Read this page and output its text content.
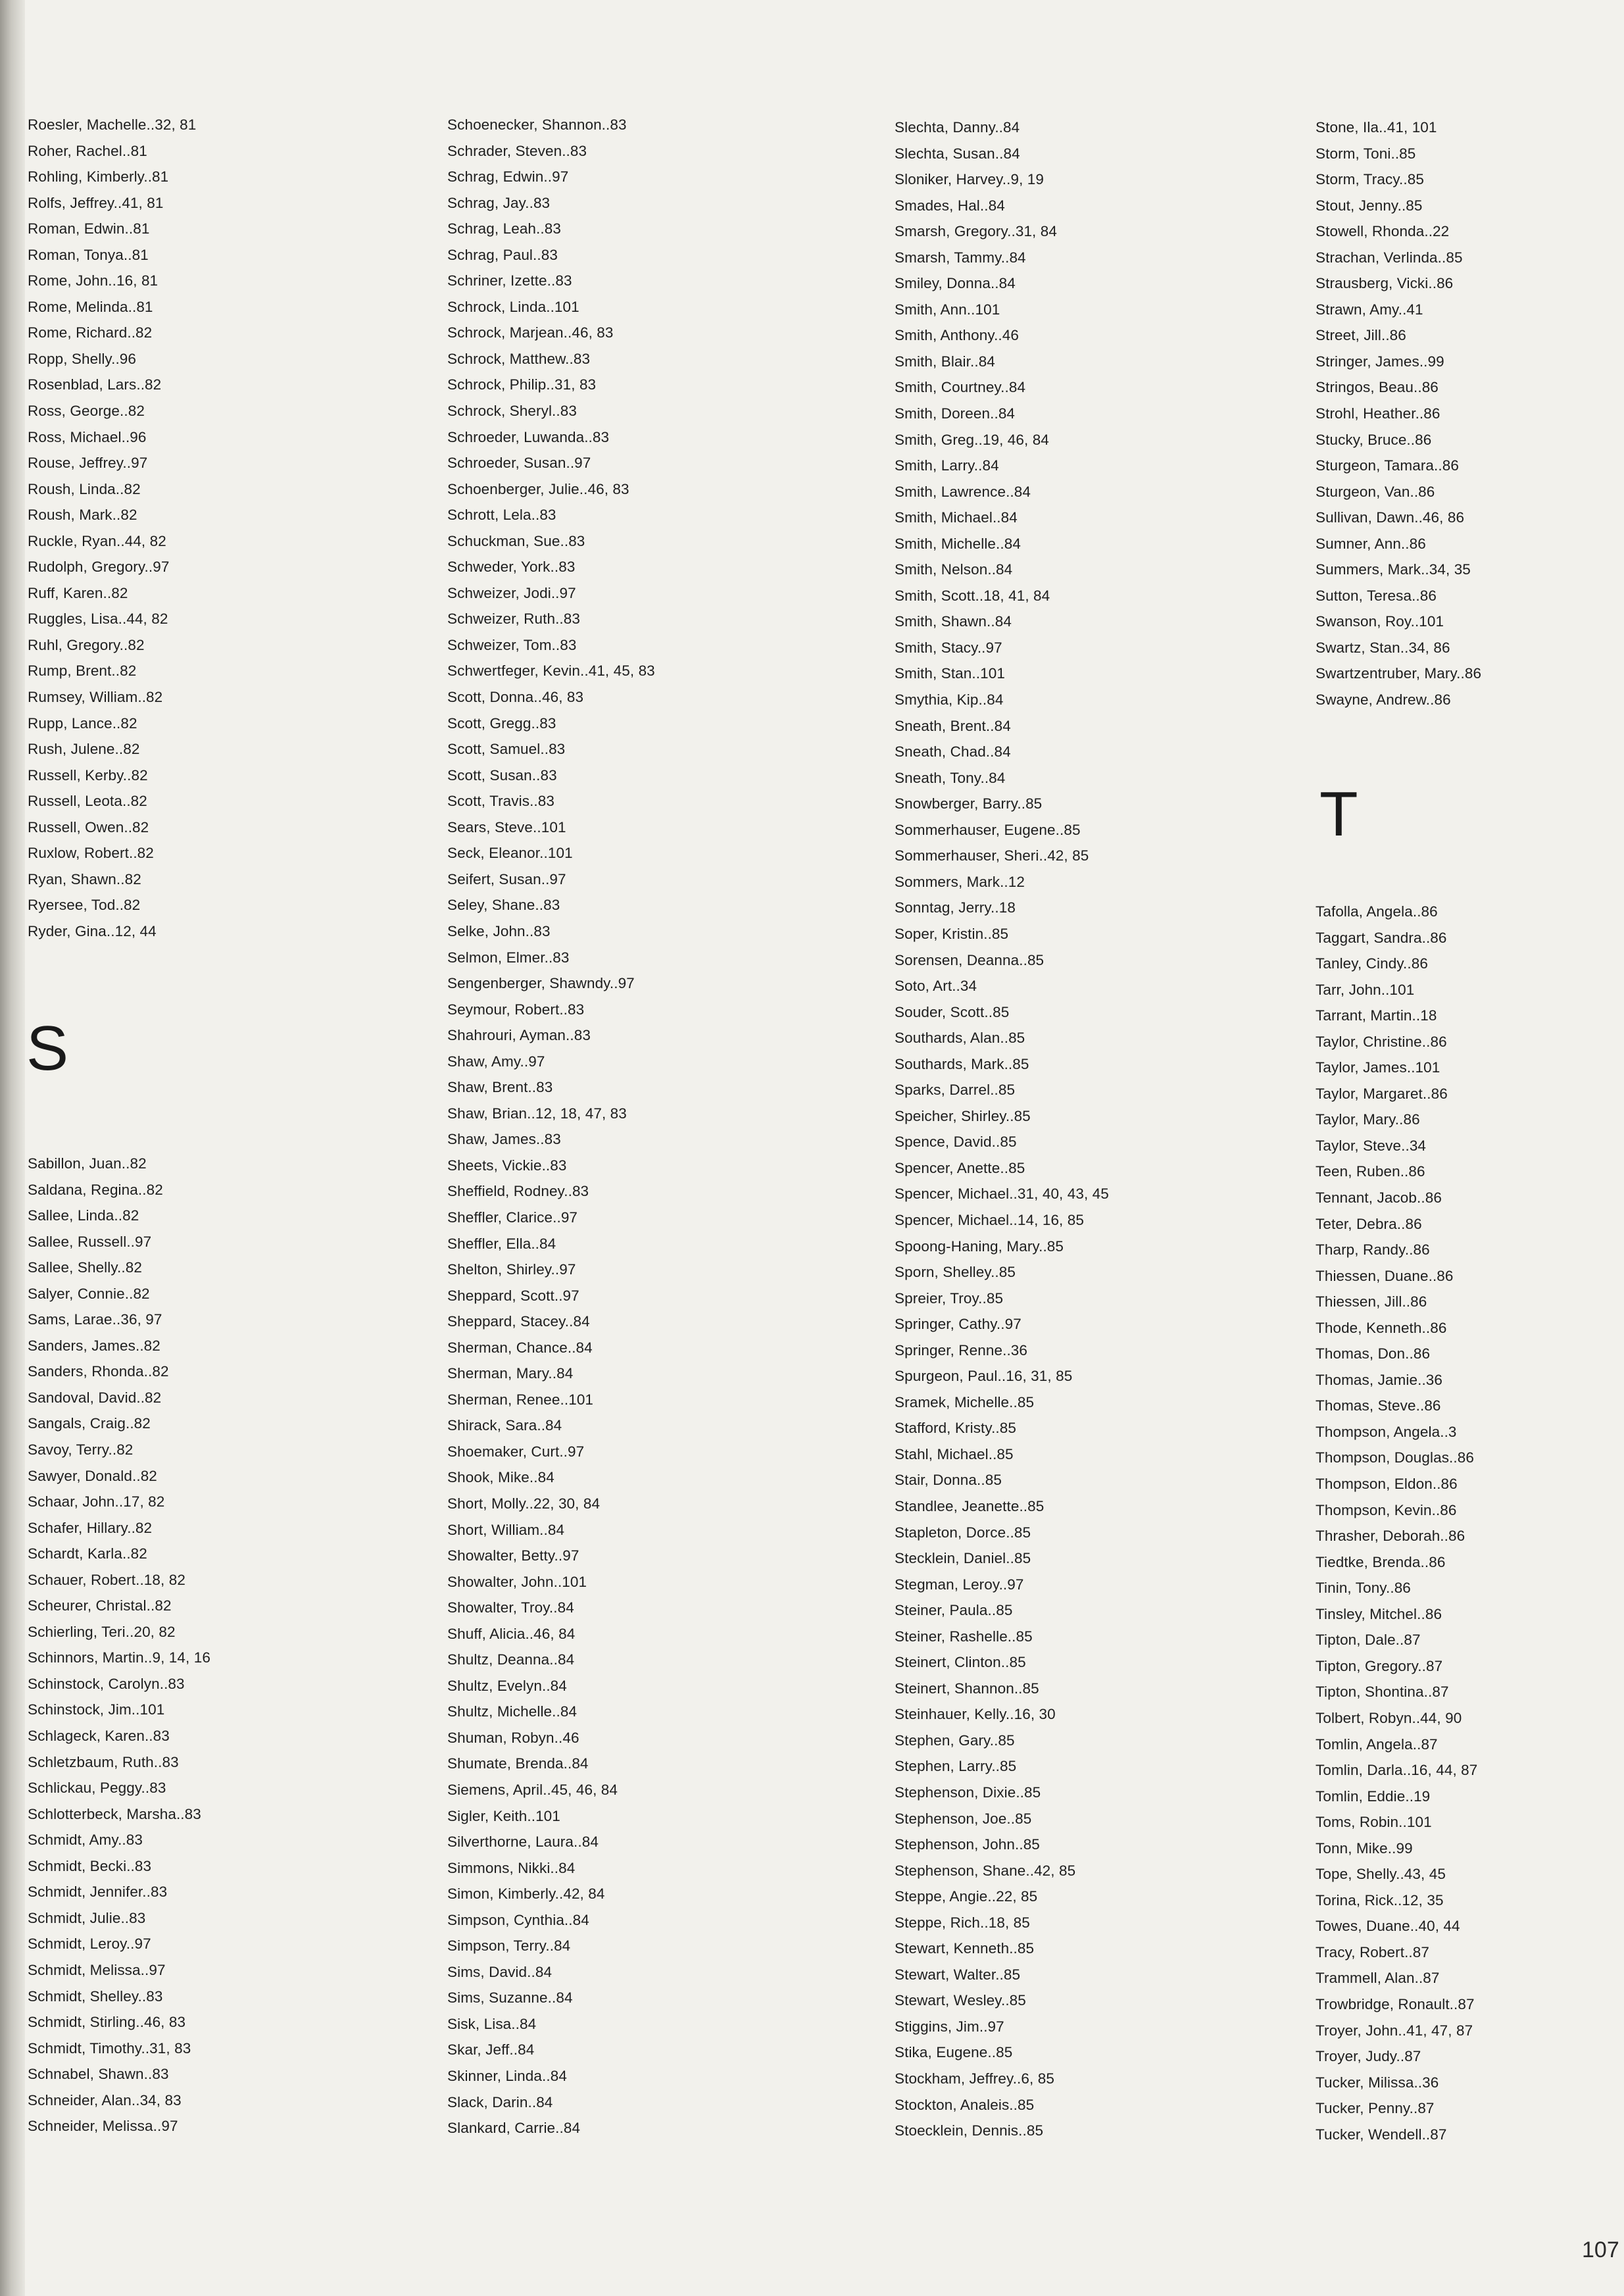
Roesler, Machelle..32, 81
Roher, Rachel..81
Rohling, Kimberly..81
Rolfs, Jeffrey..41, 81
Roman, Edwin..81
Roman, Tonya..81
Rome, John..16, 81
Rome, Melinda..81
Rome, Richard..82
Ropp, Shelly..96
Rosenblad, Lars..82
Ross, George..82
Ross, Michael..96
Rouse, Jeffrey..97
Roush, Linda..82
Roush, Mark..82
Ruckle, Ryan..44, 82
Rudolph, Gregory..97
Ruff, Karen..82
Ruggles, Lisa..44, 82
Ruhl, Gregory..82
Rump, Brent..82
Rumsey, William..82
Rupp, Lance..82
Rush, Julene..82
Russell, Kerby..82
Russell, Leota..82
Russell, Owen..82
Ruxlow, Robert..82
Ryan, Shawn..82
Ryersee, Tod..82
Ryder, Gina..12, 44
S
Sabillon, Juan..82
Saldana, Regina..82
Sallee, Linda..82
Sallee, Russell..97
Sallee, Shelly..82
Salyer, Connie..82
Sams, Larae..36, 97
Sanders, James..82
Sanders, Rhonda..82
Sandoval, David..82
Sangals, Craig..82
Savoy, Terry..82
Sawyer, Donald..82
Schaar, John..17, 82
Schafer, Hillary..82
Schardt, Karla..82
Schauer, Robert..18, 82
Scheurer, Christal..82
Schierling, Teri..20, 82
Schinnors, Martin..9, 14, 16
Schinstock, Carolyn..83
Schinstock, Jim..101
Schlageck, Karen..83
Schletzbaum, Ruth..83
Schlickau, Peggy..83
Schlotterbeck, Marsha..83
Schmidt, Amy..83
Schmidt, Becki..83
Schmidt, Jennifer..83
Schmidt, Julie..83
Schmidt, Leroy..97
Schmidt, Melissa..97
Schmidt, Shelley..83
Schmidt, Stirling..46, 83
Schmidt, Timothy..31, 83
Schnabel, Shawn..83
Schneider, Alan..34, 83
Schneider, Melissa..97
Schoenecker, Shannon..83
Schrader, Steven..83
Schrag, Edwin..97
Schrag, Jay..83
Schrag, Leah..83
Schrag, Paul..83
Schriner, Izette..83
Schrock, Linda..101
Schrock, Marjean..46, 83
Schrock, Matthew..83
Schrock, Philip..31, 83
Schrock, Sheryl..83
Schroeder, Luwanda..83
Schroeder, Susan..97
Schoenberger, Julie..46, 83
Schrott, Lela..83
Schuckman, Sue..83
Schweder, York..83
Schweizer, Jodi..97
Schweizer, Ruth..83
Schweizer, Tom..83
Schwertfeger, Kevin..41, 45, 83
Scott, Donna..46, 83
Scott, Gregg..83
Scott, Samuel..83
Scott, Susan..83
Scott, Travis..83
Sears, Steve..101
Seck, Eleanor..101
Seifert, Susan..97
Seley, Shane..83
Selke, John..83
Selmon, Elmer..83
Sengenberger, Shawndy..97
Seymour, Robert..83
Shahrouri, Ayman..83
Shaw, Amy..97
Shaw, Brent..83
Shaw, Brian..12, 18, 47, 83
Shaw, James..83
Sheets, Vickie..83
Sheffield, Rodney..83
Sheffler, Clarice..97
Sheffler, Ella..84
Shelton, Shirley..97
Sheppard, Scott..97
Sheppard, Stacey..84
Sherman, Chance..84
Sherman, Mary..84
Sherman, Renee..101
Shirack, Sara..84
Shoemaker, Curt..97
Shook, Mike..84
Short, Molly..22, 30, 84
Short, William..84
Showalter, Betty..97
Showalter, John..101
Showalter, Troy..84
Shuff, Alicia..46, 84
Shultz, Deanna..84
Shultz, Evelyn..84
Shultz, Michelle..84
Shuman, Robyn..46
Shumate, Brenda..84
Siemens, April..45, 46, 84
Sigler, Keith..101
Silverthorne, Laura..84
Simmons, Nikki..84
Simon, Kimberly..42, 84
Simpson, Cynthia..84
Simpson, Terry..84
Sims, David..84
Sims, Suzanne..84
Sisk, Lisa..84
Skar, Jeff..84
Skinner, Linda..84
Slack, Darin..84
Slankard, Carrie..84
Slechta, Danny..84
Slechta, Susan..84
Sloniker, Harvey..9, 19
Smades, Hal..84
Smarsh, Gregory..31, 84
Smarsh, Tammy..84
Smiley, Donna..84
Smith, Ann..101
Smith, Anthony..46
Smith, Blair..84
Smith, Courtney..84
Smith, Doreen..84
Smith, Greg..19, 46, 84
Smith, Larry..84
Smith, Lawrence..84
Smith, Michael..84
Smith, Michelle..84
Smith, Nelson..84
Smith, Scott..18, 41, 84
Smith, Shawn..84
Smith, Stacy..97
Smith, Stan..101
Smythia, Kip..84
Sneath, Brent..84
Sneath, Chad..84
Sneath, Tony..84
Snowberger, Barry..85
Sommerhauser, Eugene..85
Sommerhauser, Sheri..42, 85
Sommers, Mark..12
Sonntag, Jerry..18
Soper, Kristin..85
Sorensen, Deanna..85
Soto, Art..34
Souder, Scott..85
Southards, Alan..85
Southards, Mark..85
Sparks, Darrel..85
Speicher, Shirley..85
Spence, David..85
Spencer, Anette..85
Spencer, Michael..31, 40, 43, 45
Spencer, Michael..14, 16, 85
Spoong-Haning, Mary..85
Sporn, Shelley..85
Spreier, Troy..85
Springer, Cathy..97
Springer, Renne..36
Spurgeon, Paul..16, 31, 85
Sramek, Michelle..85
Stafford, Kristy..85
Stahl, Michael..85
Stair, Donna..85
Standlee, Jeanette..85
Stapleton, Dorce..85
Stecklein, Daniel..85
Stegman, Leroy..97
Steiner, Paula..85
Steiner, Rashelle..85
Steinert, Clinton..85
Steinert, Shannon..85
Steinhauer, Kelly..16, 30
Stephen, Gary..85
Stephen, Larry..85
Stephenson, Dixie..85
Stephenson, Joe..85
Stephenson, John..85
Stephenson, Shane..42, 85
Steppe, Angie..22, 85
Steppe, Rich..18, 85
Stewart, Kenneth..85
Stewart, Walter..85
Stewart, Wesley..85
Stiggins, Jim..97
Stika, Eugene..85
Stockham, Jeffrey..6, 85
Stockton, Analeis..85
Stoecklein, Dennis..85
Stone, Ila..41, 101
Storm, Toni..85
Storm, Tracy..85
Stout, Jenny..85
Stowell, Rhonda..22
Strachan, Verlinda..85
Strausberg, Vicki..86
Strawn, Amy..41
Street, Jill..86
Stringer, James..99
Stringos, Beau..86
Strohl, Heather..86
Stucky, Bruce..86
Sturgeon, Tamara..86
Sturgeon, Van..86
Sullivan, Dawn..46, 86
Sumner, Ann..86
Summers, Mark..34, 35
Sutton, Teresa..86
Swanson, Roy..101
Swartz, Stan..34, 86
Swartzentruber, Mary..86
Swayne, Andrew..86
T
Tafolla, Angela..86
Taggart, Sandra..86
Tanley, Cindy..86
Tarr, John..101
Tarrant, Martin..18
Taylor, Christine..86
Taylor, James..101
Taylor, Margaret..86
Taylor, Mary..86
Taylor, Steve..34
Teen, Ruben..86
Tennant, Jacob..86
Teter, Debra..86
Tharp, Randy..86
Thiessen, Duane..86
Thiessen, Jill..86
Thode, Kenneth..86
Thomas, Don..86
Thomas, Jamie..36
Thomas, Steve..86
Thompson, Angela..3
Thompson, Douglas..86
Thompson, Eldon..86
Thompson, Kevin..86
Thrasher, Deborah..86
Tiedtke, Brenda..86
Tinin, Tony..86
Tinsley, Mitchel..86
Tipton, Dale..87
Tipton, Gregory..87
Tipton, Shontina..87
Tolbert, Robyn..44, 90
Tomlin, Angela..87
Tomlin, Darla..16, 44, 87
Tomlin, Eddie..19
Toms, Robin..101
Tonn, Mike..99
Tope, Shelly..43, 45
Torina, Rick..12, 35
Towes, Duane..40, 44
Tracy, Robert..87
Trammell, Alan..87
Trowbridge, Ronault..87
Troyer, John..41, 47, 87
Troyer, Judy..87
Tucker, Milissa..36
Tucker, Penny..87
Tucker, Wendell..87
107
